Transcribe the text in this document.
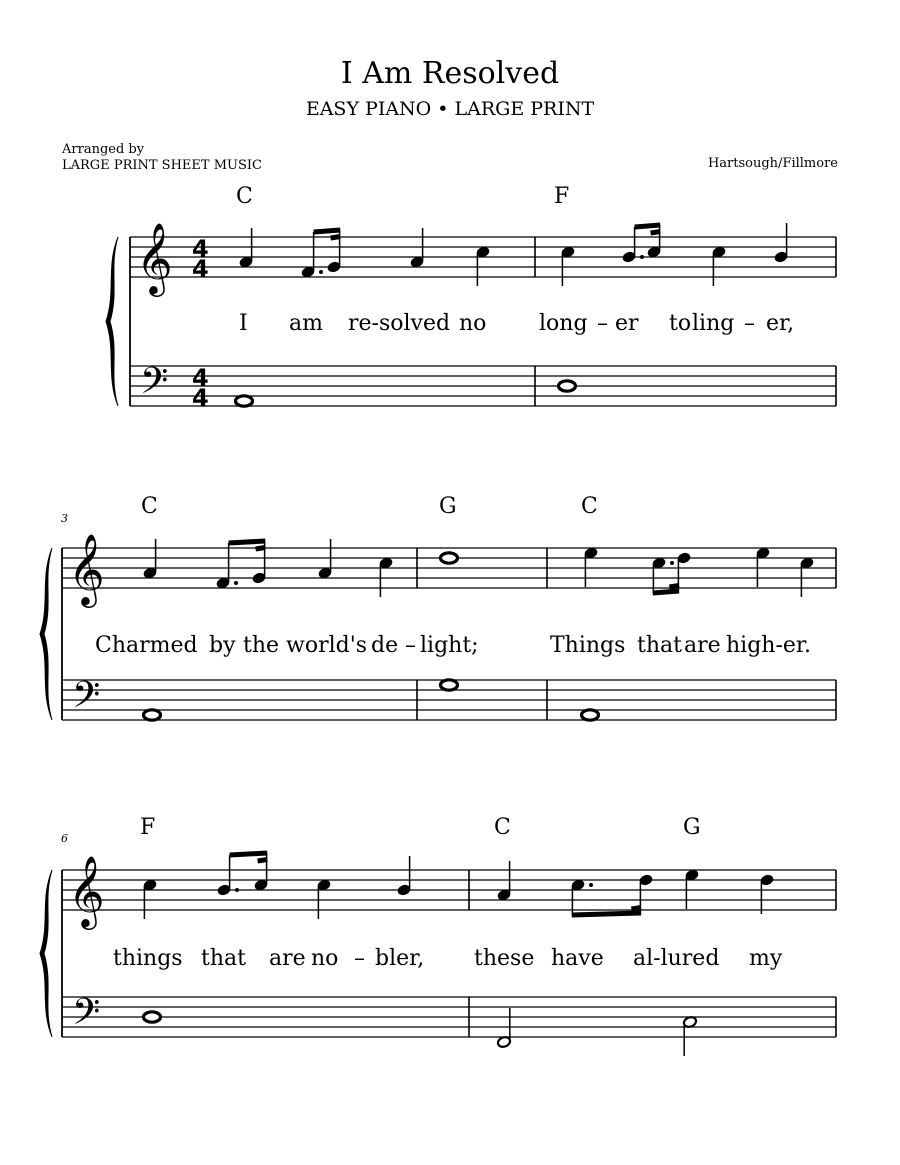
I Am Resolved
EASY PIANO • LARGE PRINT
Arranged by
LARGE PRINT SHEET MUSIC	Hartsough/Fillmore
𝄞
𝄢
4
4
4
4
𝄞
𝄢
𝄞
𝄢
3
6
C	F
C	G	C
F	C	G
I am re-solved no long – er to ling – er,
Charmed by the world's de – light;	Things that are high-er.
things that are no – bler, these have al-lured my
